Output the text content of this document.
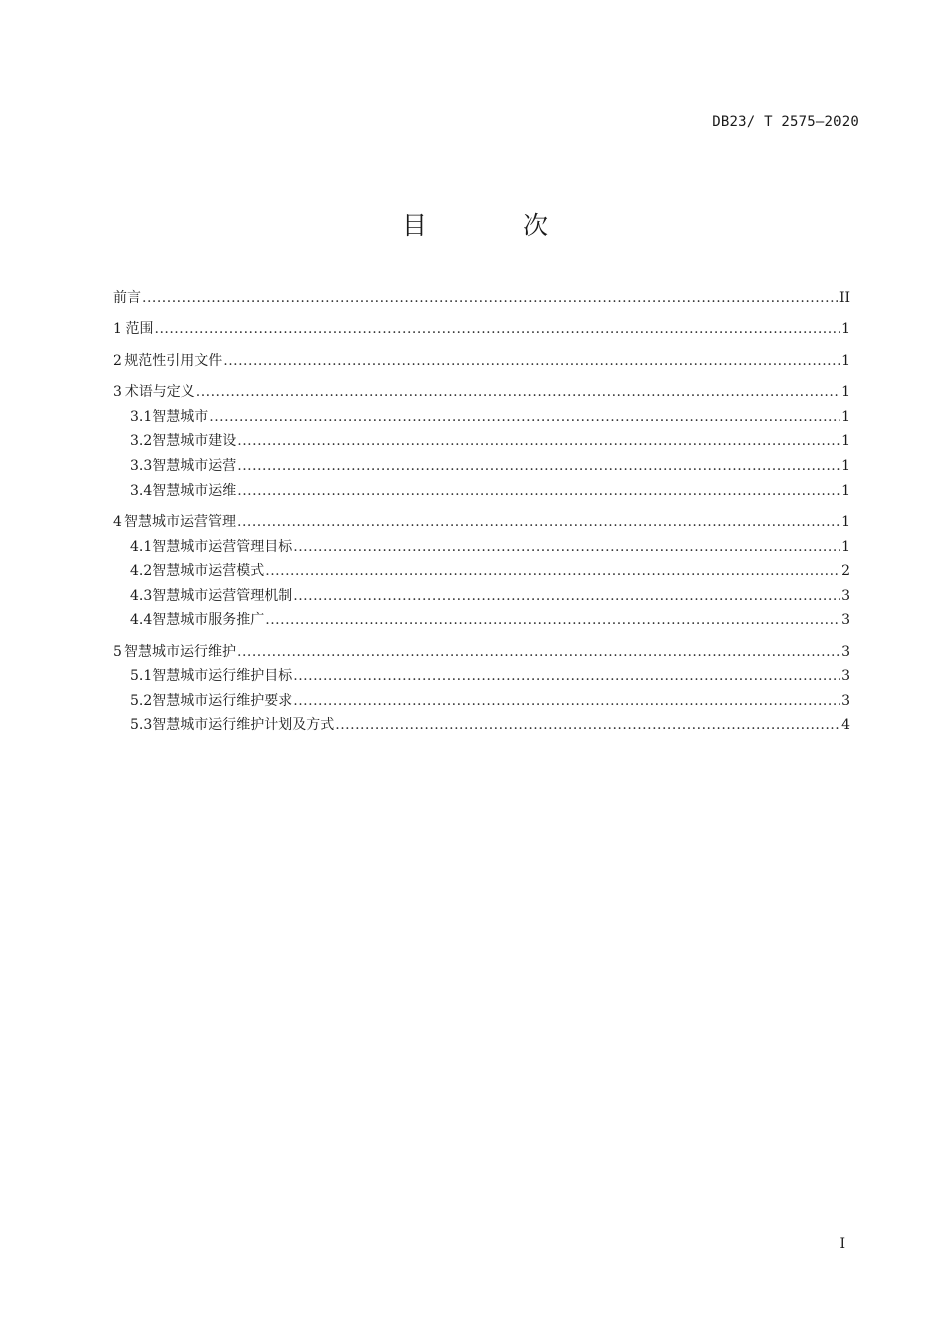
DB23/ T 2575—2020
目 次
前言 .....	II
1 范围 .....	1
2 规范性引用文件 .....	1
3 术语与定义 .....	1
3.1 智慧城市 .....	1
3.2 智慧城市建设 .....	1
3.3 智慧城市运营 .....	1
3.4 智慧城市运维 .....	1
4 智慧城市运营管理 .....	1
4.1 智慧城市运营管理目标 .....	1
4.2 智慧城市运营模式 .....	2
4.3 智慧城市运营管理机制 .....	3
4.4 智慧城市服务推广 .....	3
5 智慧城市运行维护 .....	3
5.1 智慧城市运行维护目标 .....	3
5.2 智慧城市运行维护要求 .....	3
5.3 智慧城市运行维护计划及方式 .....	4
I
